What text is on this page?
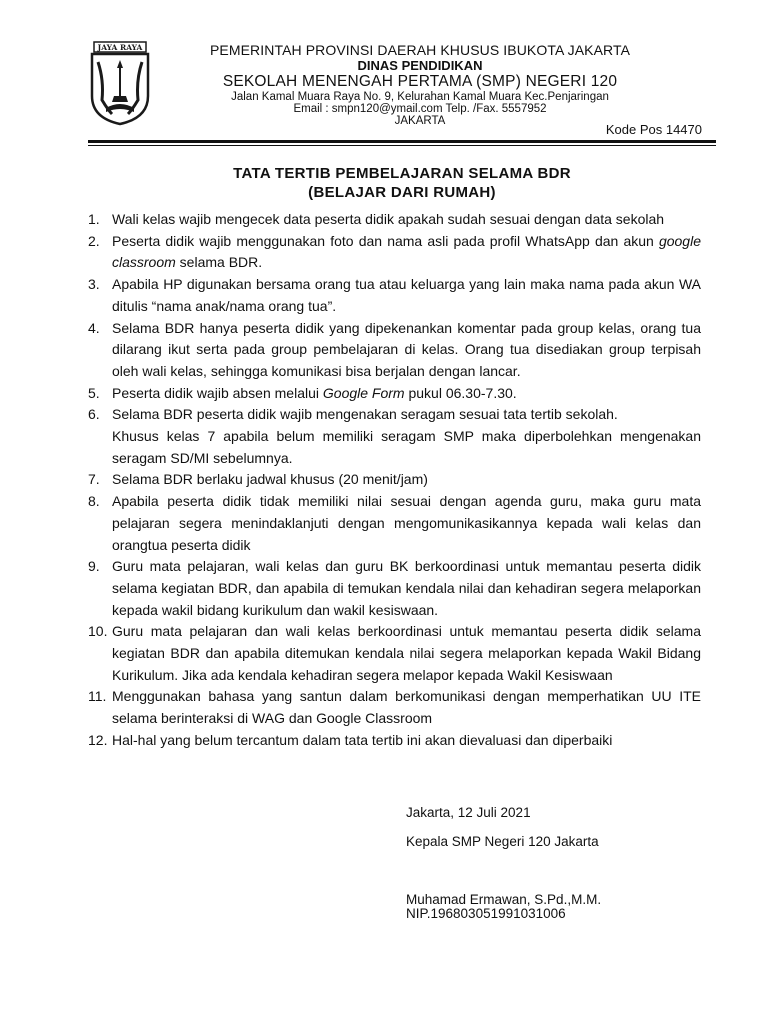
JAYA RAYA	PEMERINTAH PROVINSI DAERAH KHUSUS IBUKOTA JAKARTA
DINAS PENDIDIKAN
SEKOLAH MENENGAH PERTAMA (SMP) NEGERI 120
Jalan Kamal Muara Raya No. 9, Kelurahan Kamal Muara Kec.Penjaringan
Email : smpn120@ymail.com Telp. /Fax. 5557952
JAKARTA
Kode Pos 14470
TATA TERTIB PEMBELAJARAN SELAMA BDR
(BELAJAR DARI RUMAH)
1. Wali kelas wajib mengecek data peserta didik apakah sudah sesuai dengan data sekolah
2. Peserta didik wajib menggunakan foto dan nama asli pada profil WhatsApp dan akun google classroom selama BDR.
3. Apabila HP digunakan bersama orang tua atau keluarga yang lain maka nama pada akun WA ditulis “nama anak/nama orang tua”.
4. Selama BDR hanya peserta didik yang dipekenankan komentar pada group kelas, orang tua dilarang ikut serta pada group pembelajaran di kelas. Orang tua disediakan group terpisah oleh wali kelas, sehingga komunikasi bisa berjalan dengan lancar.
5. Peserta didik wajib absen melalui Google Form pukul 06.30-7.30.
6. Selama BDR peserta didik wajib mengenakan seragam sesuai tata tertib sekolah.
Khusus kelas 7 apabila belum memiliki seragam SMP maka diperbolehkan mengenakan seragam SD/MI sebelumnya.
7. Selama BDR berlaku jadwal khusus (20 menit/jam)
8. Apabila peserta didik tidak memiliki nilai sesuai dengan agenda guru, maka guru mata pelajaran segera menindaklanjuti dengan mengomunikasikannya kepada wali kelas dan orangtua peserta didik
9. Guru mata pelajaran, wali kelas dan guru BK berkoordinasi untuk memantau peserta didik selama kegiatan BDR, dan apabila di temukan kendala nilai dan kehadiran segera melaporkan kepada wakil bidang kurikulum dan wakil kesiswaan.
10. Guru mata pelajaran dan wali kelas berkoordinasi untuk memantau peserta didik selama kegiatan BDR dan apabila ditemukan kendala nilai segera melaporkan kepada Wakil Bidang Kurikulum. Jika ada kendala kehadiran segera melapor kepada Wakil Kesiswaan
11. Menggunakan bahasa yang santun dalam berkomunikasi dengan memperhatikan UU ITE selama berinteraksi di WAG dan Google Classroom
12. Hal-hal yang belum tercantum dalam tata tertib ini akan dievaluasi dan diperbaiki
Jakarta, 12 Juli 2021
Kepala SMP Negeri 120 Jakarta
Muhamad Ermawan, S.Pd.,M.M.
NIP.196803051991031006
